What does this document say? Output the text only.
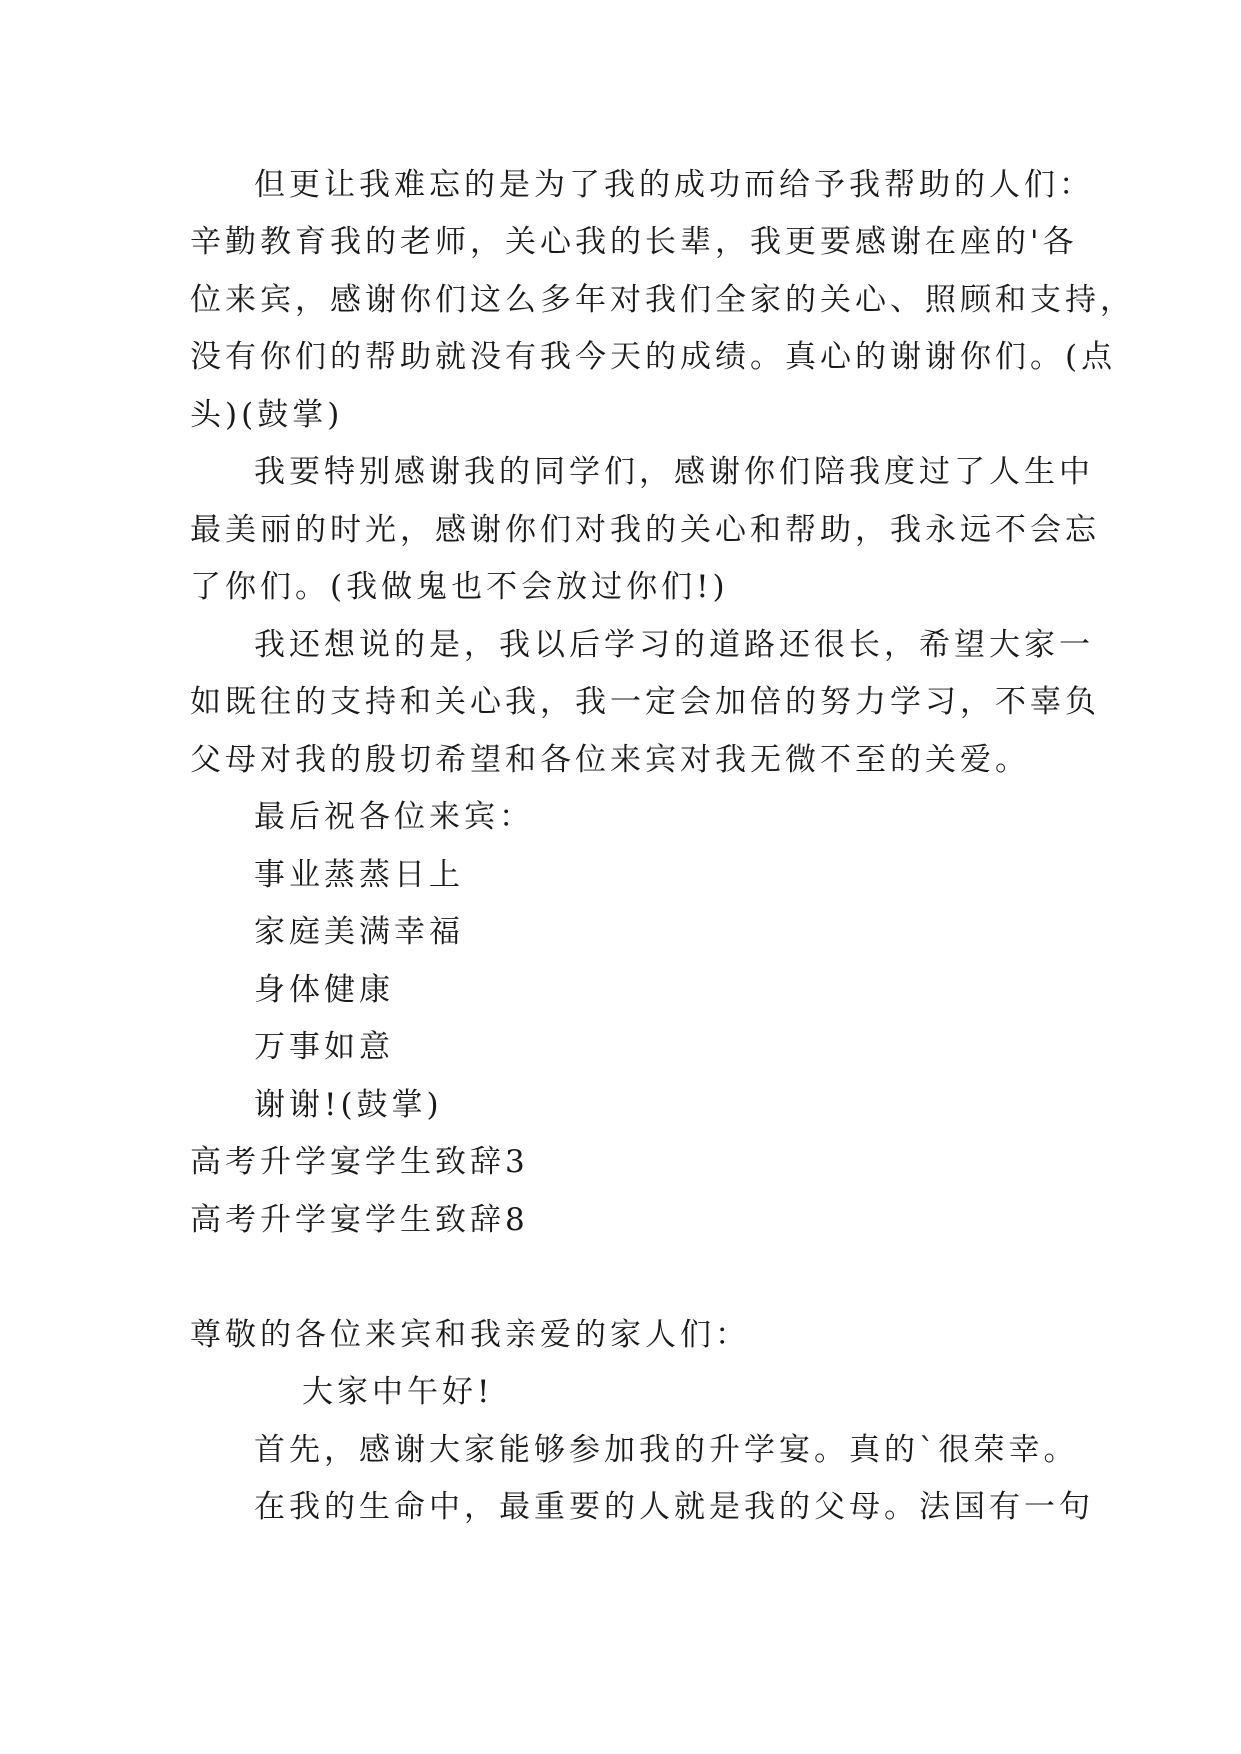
但更让我难忘的是为了我的成功而给予我帮助的人们：
辛勤教育我的老师，关心我的长辈，我更要感谢在座的'各
位来宾，感谢你们这么多年对我们全家的关心、照顾和支持，
没有你们的帮助就没有我今天的成绩。真心的谢谢你们。(点
头)(鼓掌)
我要特别感谢我的同学们，感谢你们陪我度过了人生中
最美丽的时光，感谢你们对我的关心和帮助，我永远不会忘
了你们。(我做鬼也不会放过你们!)
我还想说的是，我以后学习的道路还很长，希望大家一
如既往的支持和关心我，我一定会加倍的努力学习，不辜负
父母对我的殷切希望和各位来宾对我无微不至的关爱。
最后祝各位来宾：
事业蒸蒸日上
家庭美满幸福
身体健康
万事如意
谢谢!(鼓掌)
高考升学宴学生致辞3
高考升学宴学生致辞8
尊敬的各位来宾和我亲爱的家人们：
大家中午好!
首先，感谢大家能够参加我的升学宴。真的`很荣幸。
在我的生命中，最重要的人就是我的父母。法国有一句
